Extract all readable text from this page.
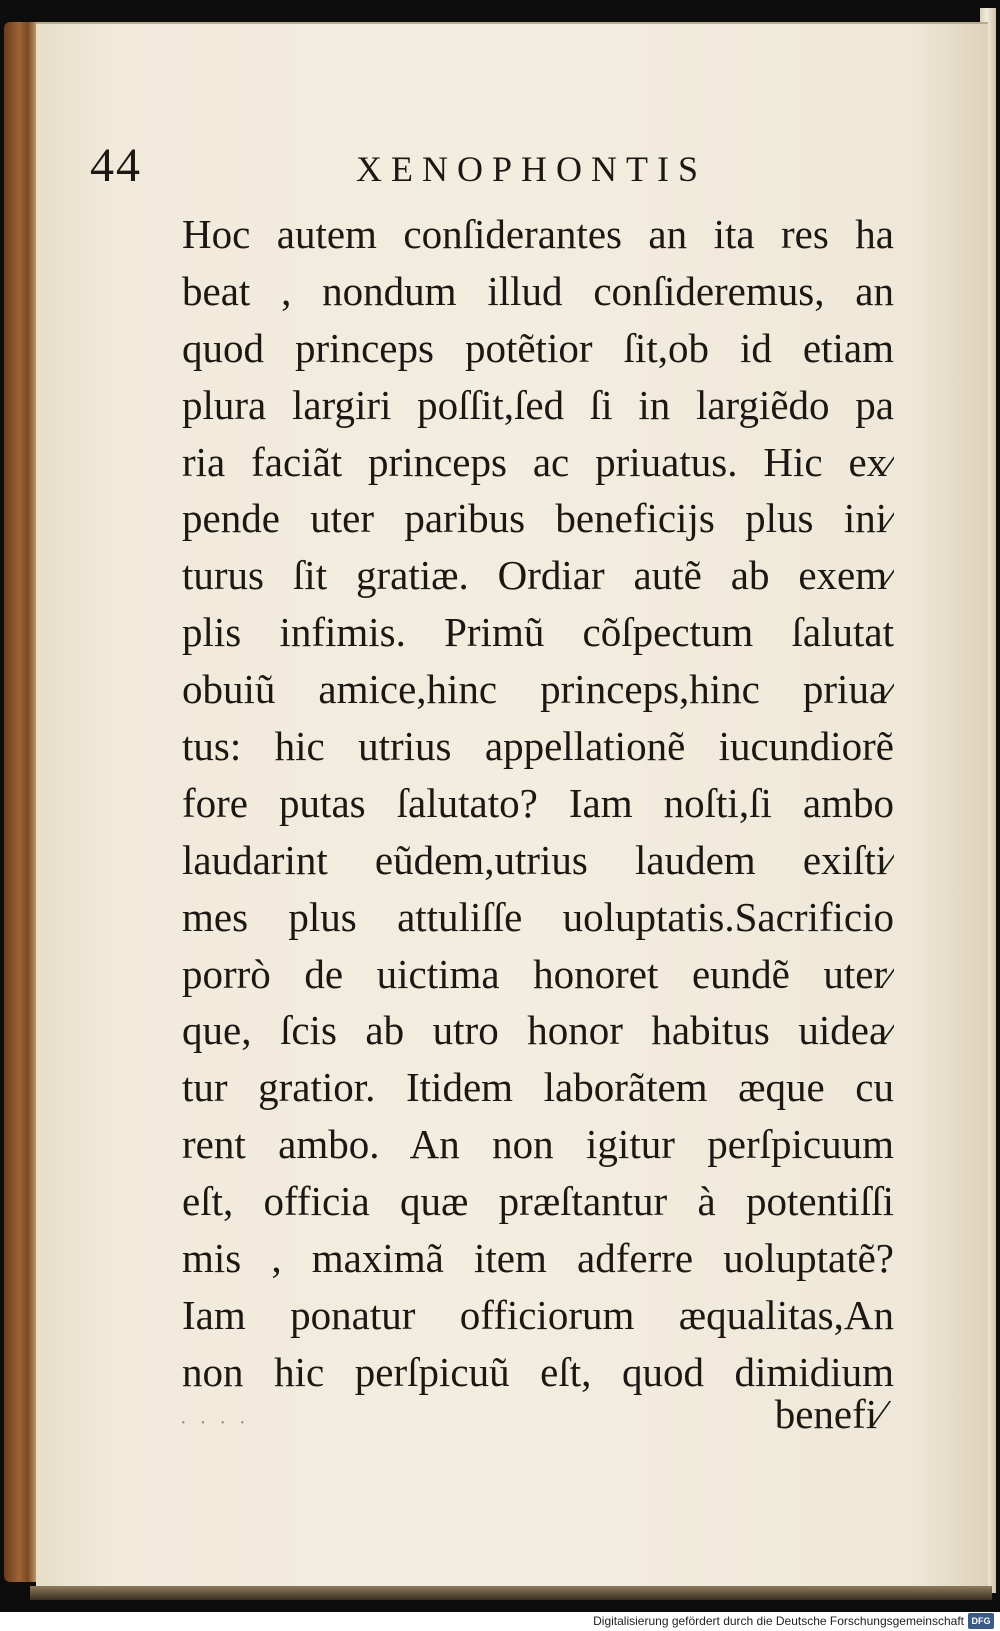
44	XENOPHONTIS
Hoc autem conſiderantes an ita res ha
beat , nondum illud conſideremus, an
quod princeps potẽtior ſit,ob id etiam
plura largiri poſſit,ſed ſi in largiẽdo pa
ria faciãt princeps ac priuatus. Hic ex⁄
pende uter paribus beneficijs plus ini⁄
turus ſit gratiæ. Ordiar autẽ ab exem⁄
plis infimis. Primũ cõſpectum ſalutat
obuiũ amice,hinc princeps,hinc priua⁄
tus: hic utrius appellationẽ iucundiorẽ
fore putas ſalutato? Iam noſti,ſi ambo
laudarint eũdem,utrius laudem exiſti⁄
mes plus attuliſſe uoluptatis.Sacrificio
porrò de uictima honoret eundẽ uter⁄
que, ſcis ab utro honor habitus uidea⁄
tur gratior. Itidem laborãtem æque cu
rent ambo. An non igitur perſpicuum
eſt, officia quæ præſtantur à potentiſſi
mis , maximã item adferre uoluptatẽ?
Iam ponatur officiorum æqualitas,An
non hic perſpicuũ eſt, quod dimidium
· · · ·	benefi⁄
Digitalisierung gefördert durch die Deutsche Forschungsgemeinschaft DFG
